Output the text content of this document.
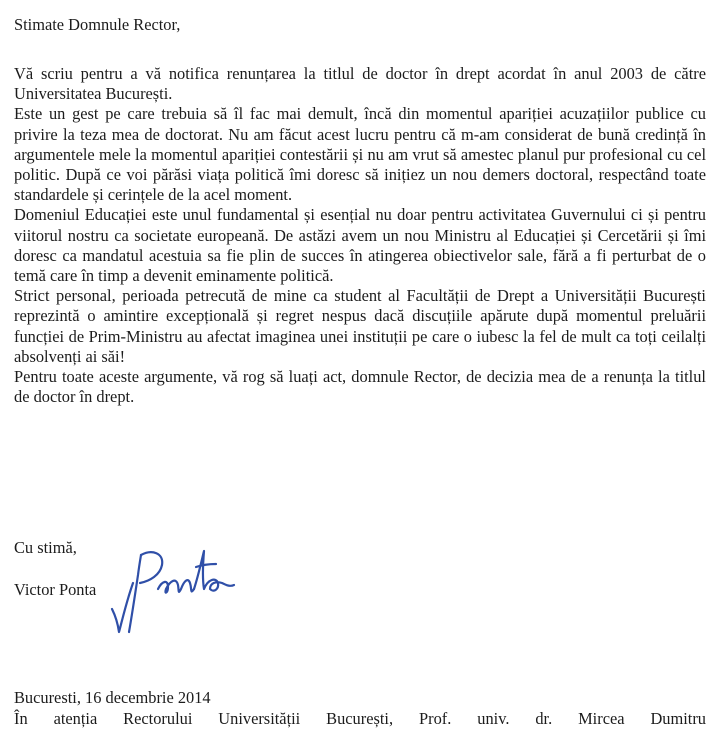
Stimate Domnule Rector,

Vă scriu pentru a vă notifica renunțarea la titlul de doctor în drept acordat în anul 2003 de către Universitatea București.

Este un gest pe care trebuia să îl fac mai demult, încă din momentul apariției acuzațiilor publice cu privire la teza mea de doctorat. Nu am făcut acest lucru pentru că m-am considerat de bună credință în argumentele mele la momentul apariției contestării și nu am vrut să amestec planul pur profesional cu cel politic. După ce voi părăsi viața politică îmi doresc să inițiez un nou demers doctoral, respectând toate standardele și cerințele de la acel moment.

Domeniul Educației este unul fundamental și esențial nu doar pentru activitatea Guvernului ci și pentru viitorul nostru ca societate europeană. De astăzi avem un nou Ministru al Educației și Cercetării și îmi doresc ca mandatul acestuia sa fie plin de succes în atingerea obiectivelor sale, fără a fi perturbat de o temă care în timp a devenit eminamente politică.

Strict personal, perioada petrecută de mine ca student al Facultății de Drept a Universității București reprezintă o amintire excepțională și regret nespus dacă discuțiile apărute după momentul preluării funcției de Prim-Ministru au afectat imaginea unei instituții pe care o iubesc la fel de mult ca toți ceilalți absolvenți ai săi!

Pentru toate aceste argumente, vă rog să luați act, domnule Rector, de decizia mea de a renunța la titlul de doctor în drept.

Cu stimă,
Victor Ponta
Bucuresti, 16 decembrie 2014
În atenția Rectorului Universității București, Prof. univ. dr. Mircea Dumitru
